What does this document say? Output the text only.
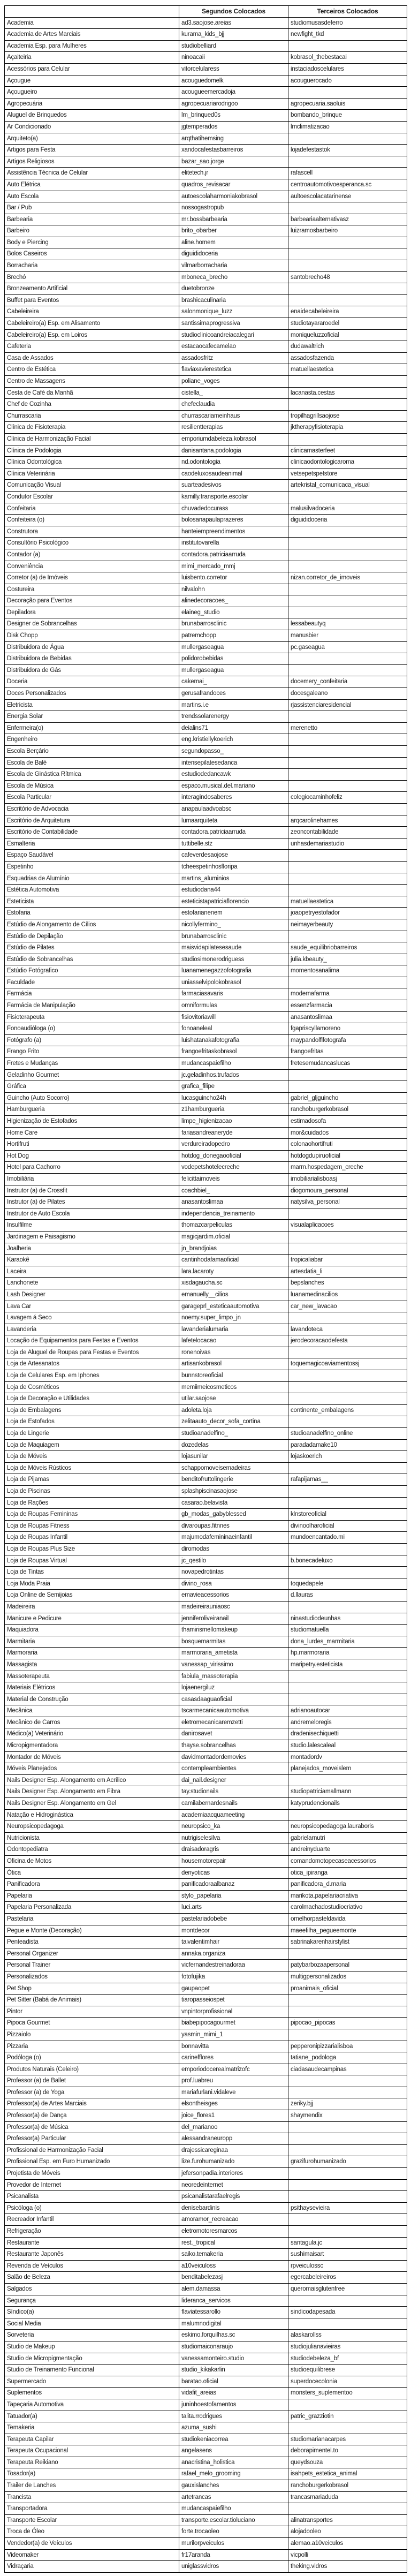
	Segundos Colocados	Terceiros Colocados
Academia	ad3.saojose.areias	studiomusasdeferro
Academia de Artes Marciais	kurama_kids_bjj	newfight_tkd
Academia Esp. para Mulheres	studiobelliard	
Açaiteiria	ninoacaii	kobrasol_thebestacai
Acessórios para Celular	vitorcelularess	instaciadoscelulares
Açougue	acouguedomelk	acouguerocado
Açougueiro	acougueemercadoja	
Agropecuária	agropecuariarodrigoo	agropecuaria.saoluis
Aluguel de Brinquedos	lm_brinqued0s	bombando_brinque
Ar Condicionado	jgtemperados	lmclimatizacao
Arquiteto(a)	arqthatihemsing	
Artigos para Festa	xandocafestasbarreiros	lojadefestastok
Artigos Religiosos	bazar_sao.jorge	
Assistência Técnica de Celular	elitetech.jr	rafascell
Auto Elétrica	quadros_revisacar	centroautomotivoesperanca.sc
Auto Escola	autoescolaharmoniakobrasol	aultoescolacatarinense
Bar / Pub	nossogastropub	
Barbearia	mr.bossbarbearia	barbeariaalternativasz
Barbeiro	brito_obarber	luizramosbarbeiro
Body e Piercing	aline.homem	
Bolos Caseiros	diguididoceria	
Borracharia	vilmarborracharia	
Brechó	mboneca_brecho	santobrecho48
Bronzeamento Artificial	duetobronze	
Buffet para Eventos	brashicaculinaria	
Cabeleireira	salonmonique_luzz	enaidecabeleireira
Cabeleireiro(a) Esp. em Alisamento	santissimaprogressiva	studiotayararoedel
Cabeleireiro(a) Esp. em Loiros	studioclinicoandreiacalegari	moniqueluzzoficial
Cafeteria	estacaocafecamelao	dudawaltrich
Casa de Assados	assadosfritz	assadosfazenda
Centro de Estética	flaviaxavierestetica	matuellaestetica
Centro de Massagens	poliane_voges	
Cesta de Café da Manhã	cistella_	lacanasta.cestas
Chef de Cozinha	chefeclaudia	
Churrascaria	churrascariameinhaus	tropilhagrillsaojose
Clínica de Fisioterapia	resilientterapias	jktherapyfisioterapia
Clínica de Harmonização Facial	emporiumdabeleza.kobrasol	
Clínica de Podologia	danisantana.podologia	clinicamasterfeet
Clínica Odontológica	nd.odontologia	clinicaodontologicaroma
Clínica Veterinária	caodeluxosaudeanimal	vetsepetspetstore
Comunicação Visual	suarteadesivos	artekristal_comunicaca_visual
Condutor Escolar	kamilly.transporte.escolar	
Confeitaria	chuvadedocurass	malusilvadoceria
Confeiteira (o)	bolosanapaulaprazeres	diguididoceria
Construtora	hanteiempreendimentos	
Consultório Psicológico	institutovarella	
Contador (a)	contadora.patriciaarruda	
Conveniência	mimi_mercado_mmj	
Corretor (a) de Imóveis	luisbento.corretor	nizan.corretor_de_imoveis
Costureira	nilvalohn	
Decoração para Eventos	alinedecoracoes_	
Depiladora	elaineg_studio	
Designer de Sobrancelhas	brunabarrosclinic	lessabeautyq
Disk Chopp	patremchopp	manusbier
Distribuidora de Água	mullergaseagua	pc.gaseagua
Distribuidora de Bebidas	polidorobebidas	
Distribuidora de Gás	mullergaseagua	
Doceria	cakemai_	docemery_confeitaria
Doces Personalizados	gerusafrandoces	docesgaleano
Eletricista	martins.i.e	rjassistenciaresidencial
Energia Solar	trendssolarenergy	
Enfermeira(o)	deialins71	merenetto
Engenheiro	eng.kristiellykoerich	
Escola Berçário	segundopasso_	
Escola de Balé	intensepilatesedanca	
Escola de Ginástica Rítmica	estudiodedancawk	
Escola de Música	espaco.musical.del.mariano	
Escola Particular	interagindosaberes	colegiocaminhofeliz
Escritório de Advocacia	anapaulaadvoabsc	
Escritório de Arquitetura	lumaarquiteta	arqcarolinehames
Escritório de Contabilidade	contadora.patriciaarruda	zeoncontabilidade
Esmalteria	tuttibelle.stz	unhasdemariastudio
Espaço Saudável	cafeverdesaojose	
Espetinho	tcheespetinhosfloripa	
Esquadrias de Alumínio	martins_aluminios	
Estética Automotiva	estudiodana44	
Esteticista	esteticistapatriciaflorencio	matuellaestetica
Estofaria	estofarianenem	joaopetryestofador
Estúdio de Alongamento de Cílios	nicollyfermino_	neimayerbeauty
Estúdio de Depilação	brunabarrosclinic	
Estúdio de Pilates	maisvidapilatesesaude	saude_equilibriobarreiros
Estúdio de Sobrancelhas	studiosimonerodriguess	julia.kbeauty_
Estúdio Fotógrafico	luanamenegazzofotografia	momentosanalima
Faculdade	uniasselvipolokobrasol	
Farmácia	farmaciasavaris	modernafarma
Farmácia de Manipulação	omniformulas	essenzfarmacia
Fisioterapeuta	fisiovitoriawill	anasantoslimaa
Fonoaudióloga (o)	fonoaneleal	fgapriscyllamoreno
Fotógrafo (a)	luishatanakafotografia	maypandolfifotografa
Frango Frito	frangoefritaskobrasol	frangoefritas
Fretes e Mudanças	mudancaspaiefilho	fretesemudancaslucas
Geladinho Gourmet	jc.geladinhos.trufados	
Gráfica	grafica_filipe	
Guincho (Auto Socorro)	lucasguincho24h	gabriel_gljguincho
Hamburgueria	z1hamburgueria	ranchoburgerkobrasol
Higienização de Estofados	limpe_higienizacao	estimadosofa
Home Care	fariasandreaneryde	mor&cuidados
Hortifruti	verdureiradopedro	colonaohortifruti
Hot Dog	hotdog_donegaooficial	hotdogdupiruoficial
Hotel para Cachorro	vodepetshotelecreche	marm.hospedagem_creche
Imobiliária	felicittaimoveis	imobiliarialisboasj
Instrutor (a) de Crossfit	coachbiel_	diogomoura_personal
Instrutor (a) de Pilates	anasantoslimaa	natysilva_personal
Instrutor de Auto Escola	independencia_treinamento	
Insulfilme	thomazcarpeliculas	visualaplicacoes
Jardinagem e Paisagismo	magicjardim.oficial	
Joalheria	jn_brandjoias	
Karaokê	cantinhodafamaoficial	tropicaliabar
Laceira	lara.lacaroty	artesdatia_li
Lanchonete	xisdagaucha.sc	bepslanches
Lash Designer	emanuelly__cilios	luanamedinacilios
Lava Car	garageprl_esteticaautomotiva	car_new_lavacao
Lavagem á Seco	noemy.super_limpo_jn	
Lavanderia	lavanderialumaria	lavandoteca
Locação de Equipamentos para Festas e Eventos	lafetelocacao	jerodecoracaodefesta
Loja de Aluguel de Roupas para Festas e Eventos	ronenoivas	
Loja de Artesanatos	artisankobrasol	toquemagicoaviamentossj
Loja de Celulares Esp. em Iphones	bunnstoreoficial	
Loja de Cosméticos	memiimeicosmeticos	
Loja de Decoração e Utilidades	utilar.saojose	
Loja de Embalagens	adoleta.loja	continente_embalagens
Loja de Estofados	zelitaauto_decor_sofa_cortina	
Loja de Lingerie	studioanadelfino_	studioanadelfino_online
Loja de Maquiagem	dozedelas	paradadamake10
Loja de Móveis	lojasunilar	lojaskoerich
Loja de Móveis Rústicos	schappomoveisemadeiras	
Loja de Pijamas	benditofruttolingerie	rafapijamas__
Loja de Piscinas	splashpiscinasaojose	
Loja de Rações	casarao.belavista	
Loja de Roupas Femininas	gb_modas_gabyblessed	klnstoreoficial
Loja de Roupas Fitness	divaroupas.fitnnes	divinoolharoficial
Loja de Roupas Infantil	majumodafemininaeinfantil	mundoencantado.mi
Loja de Roupas Plus Size	diromodas	
Loja de Roupas Virtual	jc_qestilo	b.bonecadeluxo
Loja de Tintas	novapedrotintas	
Loja Moda Praia	divino_rosa	toquedapele
Loja Online de Semijoias	emavieacessorios	d.llauras
Madeireira	madeireirauniaosc	
Manicure e Pedicure	jenniferoliveiranail	ninastudiodeunhas
Maquiadora	thamirismellomakeup	studiomatuella
Marmitaria	bosquemarmitas	dona_lurdes_marmitaria
Marmoraria	marmoraria_ametista	hp.marmoraria
Massagista	vanessap_virissimo	maripetry.esteticista
Massoterapeuta	fabiula_massoterapia	
Materiais Elétricos	lojaenergiluz	
Material de Construção	casasdaaguaoficial	
Mecânica	tscarmecanicaautomotiva	adrianoautocar
Mecânico de Carros	eletromecanicaremzetti	andremeloregis
Médico(a) Veterinário	danirosavet	dradenisechiquetti
Micropigmentadora	thayse.sobrancelhas	studio.lalescaleal
Montador de Móveis	davidmontadordemovies	montadordv
Móveis Planejados	contempleambientes	planejados_moveislem
Nails Designer Esp. Alongamento em Acrílico	dai_nail.designer	
Nails Designer Esp. Alongamento em Fibra	tay.studionails	studiopatriciamallmann
Nails Designer Esp. Alongamento em Gel	camilabernardesnails	katyprudencionails
Natação e Hidroginástica	academiaacquameeting	
Neuropsicopedagoga	neuropsico_ka	neuropsicopedagoga.lauraboris
Nutricionista	nutrigiselesilva	gabrielarnutri
Odontopediatra	draisadoragris	andreinyduarte
Oficina de Motos	housemotorepair	comandomotopecaseacessorios
Ótica	denyoticas	otica_ipiranga
Panificadora	panificadoraalbanaz	panificadora_d.maria
Papelaria	stylo_papelaria	marikota.papelariacriativa
Papelaria Personalizada	luci.arts	carolmachadostudiocriativo
Pastelaria	pastelariadobebe	omelhorpasteldavida
Pegue e Monte (Decoração)	montdecor	maeefilha_pegueemonte
Penteadista	taivalentimhair	sabrinakarenhairstylist
Personal Organizer	annaka.organiza	
Personal Trainer	vicfernandestreinadoraa	patybarbozaapersonal
Personalizados	fotofujika	multigpersonalizados
Pet Shop	gaupaopet	proanimais_oficial
Pet Sitter (Babá de Animais)	tiaropasseiospet	
Pintor	vnpintorprofissional	
Pipoca Gourmet	biabepipocagourmet	pipocao_pipocas
Pizzaiolo	yasmin_mimi_1	
Pizzaria	bonnavitta	pepperonipizzarialisboa
Podóloga (o)	carinefflores	tatiane_podologa
Produtos Naturais (Celeiro)	emporiodocerealmatrizofc	ciadasaudecampinas
Professor (a) de Ballet	prof.luabreu	
Professor (a) de Yoga	mariafurlani.vidaleve	
Professor(a) de Artes Marciais	elsontheisges	zeriky.bjj
Professor(a) de Dança	joice_flores1	shaymendix
Professor(a) de Música	del_marianoo	
Professor(a) Particular	alessandraneuropp	
Profissional de Harmonização Facial	drajessicareginaa	
Profissional Esp. em Furo Humanizado	lize.furohumanizado	grazifurohumanizado
Projetista de Móveis	jefersonpadia.interiores	
Provedor de Internet	neoredeinternet	
Psicanalista	psicanalistarafaelregis	
Psicóloga (o)	denisebardinis	psithaysevieira
Recreador Infantil	amoramor_recreacao	
Refrigeração	eletromotoresmarcos	
Restaurante	rest._tropical	santagula.jc
Restaurante Japonês	saiko.temakeria	sushimaisart
Revenda de Veículos	a10veiculoss	rpveiculossc
Salão de Beleza	benditabelezasj	egercabeleireiros
Salgados	alem.damassa	queromaisglutenfree
Segurança	lideranca_servicos	
Síndico(a)	flaviatessarollo	sindicodapesada
Social Media	malumnodigital	
Sorveteria	eskimo.forquilhas.sc	alaskarollss
Studio de Makeup	studiomaiconaraujo	studiojulianavieiras
Studio de Micropigmentação	vanessamonteiro.studio	studiodebeleza_bf
Studio de Treinamento Funcional	studio_kikakarlin	studioequilibrese
Supermercado	baratao.oficial	superdocecolonia
Suplementos	vidafit_areias	monsters_suplementoo
Tapeçaria Automotiva	juninhoestofamentos	
Tatuador(a)	talita.rrodrigues	patric_grazziotin
Temakeria	azuma_sushi	
Terapeuta Capilar	studiokeniacorrea	studiomarianacarpes
Terapeuta Ocupacional	angelasens	deborapimentel.to
Terapeuta Reikiano	anacristina_holistica	queydsouza
Tosador(a)	rafael_melo_grooming	isahpets_estetica_animal
Trailer de Lanches	gauxislanches	ranchoburgerkobrasol
Trancista	artetrancas	trancasmariaduda
Transportadora	mudancaspaiefilho	
Transporte Escolar	transporte.escolar.tioluciano	alinatransportes
Troca de Óleo	forte.trocaoleo	alojadooleo
Vendedor(a) de Veículos	murilorpveiculos	alemao.a10veiculos
Videomaker	fr17aranda	vicpolli
Vidraçaria	uniglassvidros	theking.vidros
